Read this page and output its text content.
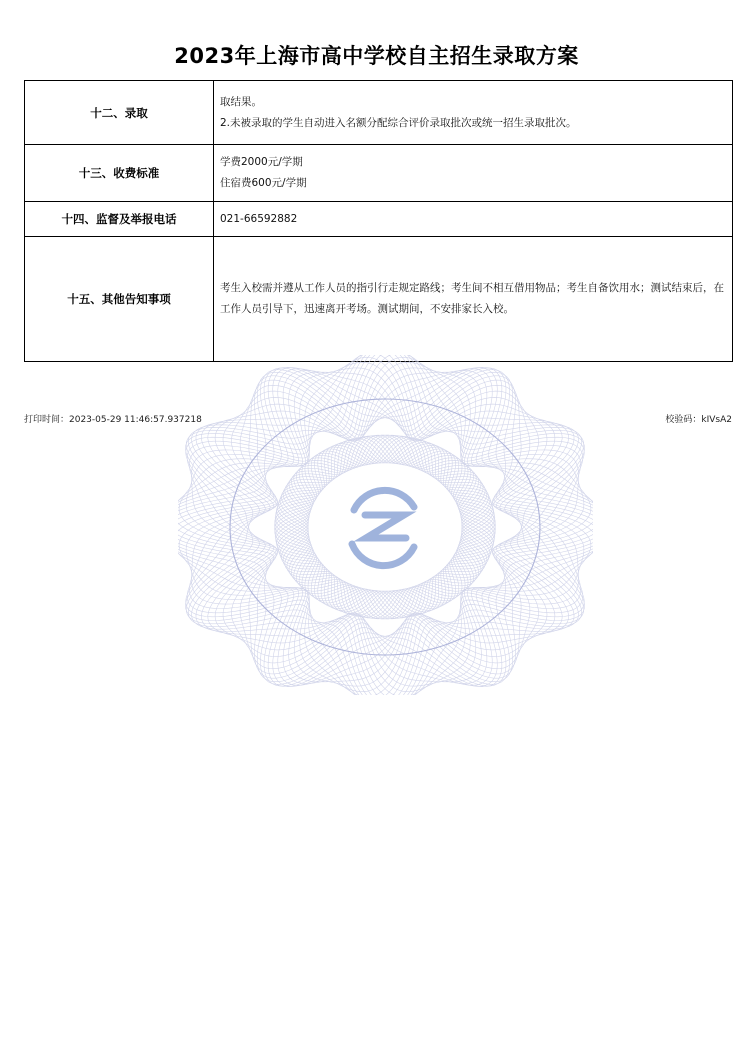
2023年上海市高中学校自主招生录取方案
十二、录取	取结果。
2.未被录取的学生自动进入名额分配综合评价录取批次或统一招生录取批次。

十三、收费标准	学费2000元/学期
住宿费600元/学期

十四、监督及举报电话	021-66592882

十五、其他告知事项	考生入校需并遵从工作人员的指引行走规定路线；考生间不相互借用物品；考生自备饮用水；测试结束后，在工作人员引导下，迅速离开考场。测试期间，不安排家长入校。
打印时间：2023-05-29 11:46:57.937218	校验码：kIVsA2
